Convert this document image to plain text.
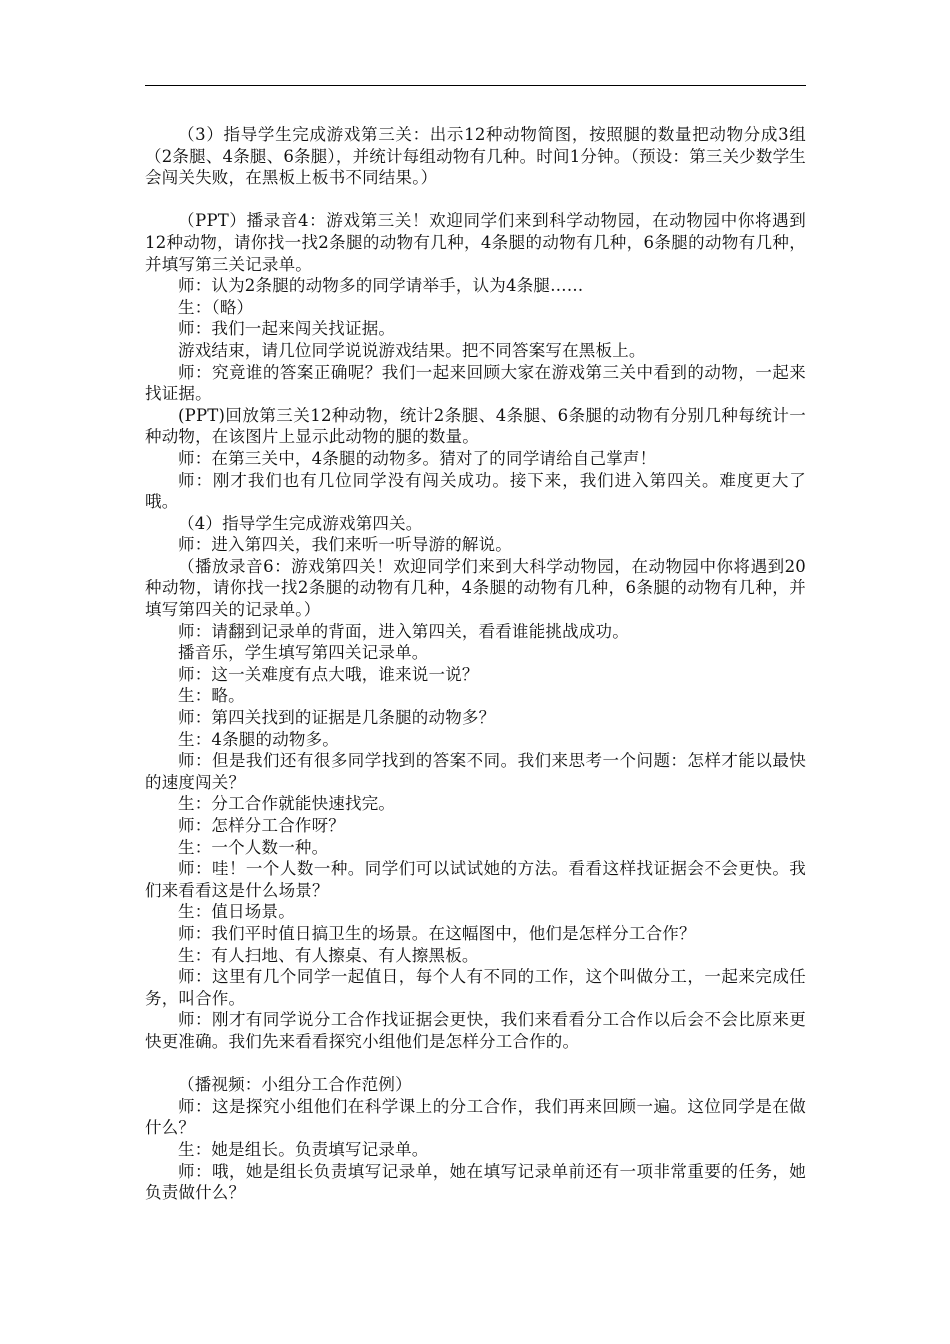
（3）指导学生完成游戏第三关：出示12种动物简图，按照腿的数量把动物分成3组（2条腿、4条腿、6条腿），并统计每组动物有几种。时间1分钟。（预设：第三关少数学生会闯关失败，在黑板上板书不同结果。）

（PPT）播录音4：游戏第三关！欢迎同学们来到科学动物园，在动物园中你将遇到12种动物，请你找一找2条腿的动物有几种，4条腿的动物有几种，6条腿的动物有几种，并填写第三关记录单。

师：认为2条腿的动物多的同学请举手，认为4条腿……

生：（略）

师：我们一起来闯关找证据。

游戏结束，请几位同学说说游戏结果。把不同答案写在黑板上。

师：究竟谁的答案正确呢？我们一起来回顾大家在游戏第三关中看到的动物，一起来找证据。

(PPT)回放第三关12种动物，统计2条腿、4条腿、6条腿的动物有分别几种每统计一种动物，在该图片上显示此动物的腿的数量。

师：在第三关中，4条腿的动物多。猜对了的同学请给自己掌声！

师：刚才我们也有几位同学没有闯关成功。接下来，我们进入第四关。难度更大了哦。

（4）指导学生完成游戏第四关。

师：进入第四关，我们来听一听导游的解说。

（播放录音6：游戏第四关！欢迎同学们来到大科学动物园，在动物园中你将遇到20种动物，请你找一找2条腿的动物有几种，4条腿的动物有几种，6条腿的动物有几种，并填写第四关的记录单。）

师：请翻到记录单的背面，进入第四关，看看谁能挑战成功。

播音乐，学生填写第四关记录单。

师：这一关难度有点大哦，谁来说一说？

生：略。

师：第四关找到的证据是几条腿的动物多？

生：4条腿的动物多。

师：但是我们还有很多同学找到的答案不同。我们来思考一个问题：怎样才能以最快的速度闯关？

生：分工合作就能快速找完。

师：怎样分工合作呀？

生：一个人数一种。

师：哇！一个人数一种。同学们可以试试她的方法。看看这样找证据会不会更快。我们来看看这是什么场景？

生：值日场景。

师：我们平时值日搞卫生的场景。在这幅图中，他们是怎样分工合作？

生：有人扫地、有人擦桌、有人擦黑板。

师：这里有几个同学一起值日，每个人有不同的工作，这个叫做分工，一起来完成任务，叫合作。

师：刚才有同学说分工合作找证据会更快，我们来看看分工合作以后会不会比原来更快更准确。我们先来看看探究小组他们是怎样分工合作的。

（播视频：小组分工合作范例）

师：这是探究小组他们在科学课上的分工合作，我们再来回顾一遍。这位同学是在做什么？

生：她是组长。负责填写记录单。

师：哦，她是组长负责填写记录单，她在填写记录单前还有一项非常重要的任务，她负责做什么？
